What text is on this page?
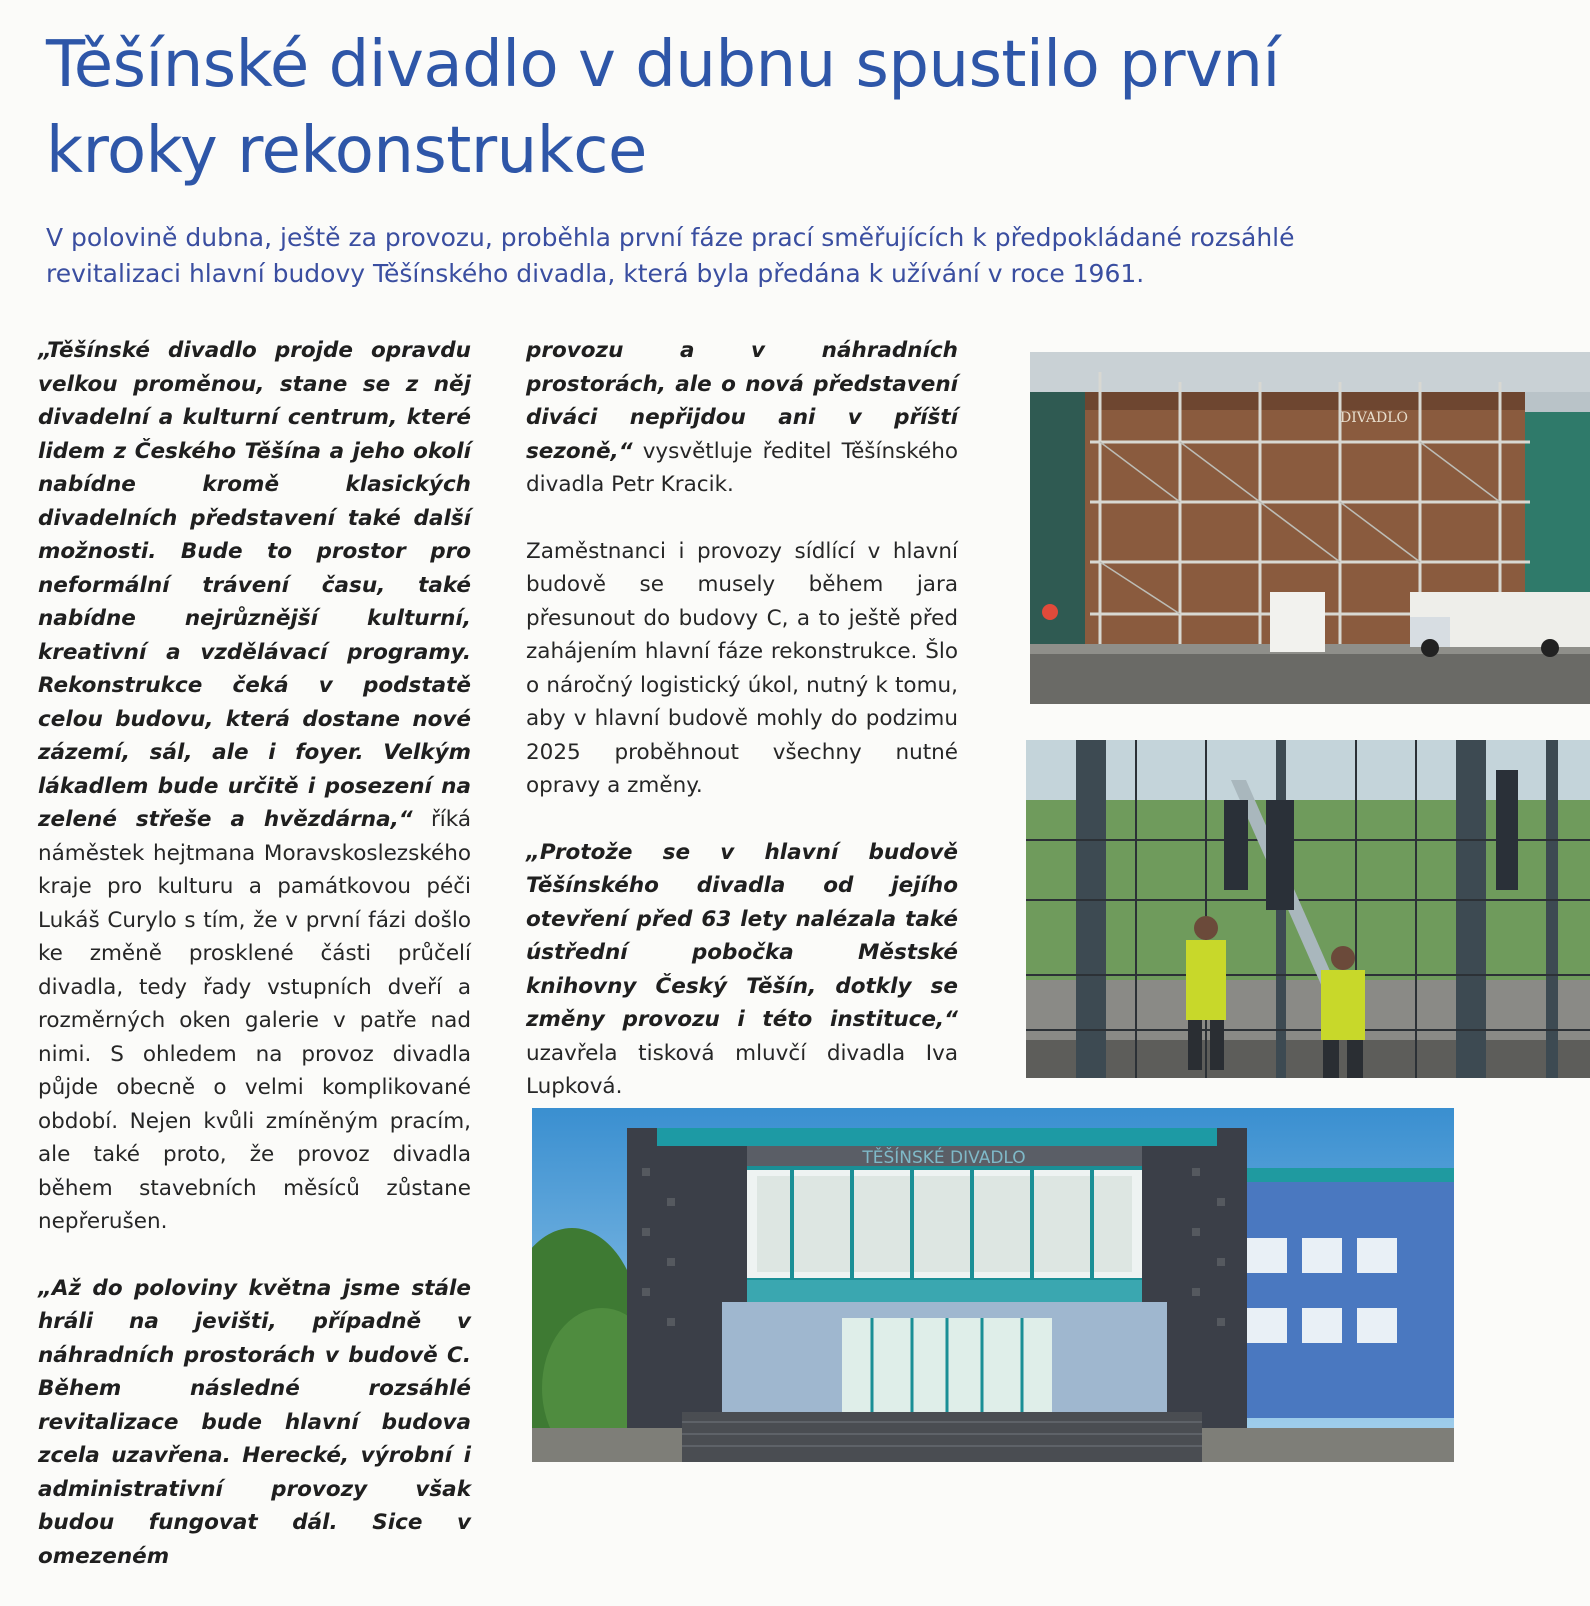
Těšínské divadlo v dubnu spustilo první kroky rekonstrukce

V polovině dubna, ještě za provozu, proběhla první fáze prací směřujících k předpokládané rozsáhlé revitalizaci hlavní budovy Těšínského divadla, která byla předána k užívání v roce 1961.

„Těšínské divadlo projde opravdu velkou proměnou, stane se z něj divadelní a kulturní centrum, které lidem z Českého Těšína a jeho okolí nabídne kromě klasických divadelních představení také další možnosti. Bude to prostor pro neformální trávení času, také nabídne nejrůznější kulturní, kreativní a vzdělávací programy. Rekonstrukce čeká v podstatě celou budovu, která dostane nové zázemí, sál, ale i foyer. Velkým lákadlem bude určitě i posezení na zelené střeše a hvězdárna,“ říká náměstek hejtmana Moravskoslezského kraje pro kulturu a památkovou péči Lukáš Curylo s tím, že v první fázi došlo ke změně prosklené části průčelí divadla, tedy řady vstupních dveří a rozměrných oken galerie v patře nad nimi. S ohledem na provoz divadla půjde obecně o velmi komplikované období. Nejen kvůli zmíněným pracím, ale také proto, že provoz divadla během stavebních měsíců zůstane nepřerušen.

„Až do poloviny května jsme stále hráli na jevišti, případně v náhradních prostorách v budově C. Během následné rozsáhlé revitalizace bude hlavní budova zcela uzavřena. Herecké, výrobní i administrativní provozy však budou fungovat dál. Sice v omezeném

provozu a v náhradních prostorách, ale o nová představení diváci nepřijdou ani v příští sezoně,“ vysvětluje ředitel Těšínského divadla Petr Kracik.

Zaměstnanci i provozy sídlící v hlavní budově se musely během jara přesunout do budovy C, a to ještě před zahájením hlavní fáze rekonstrukce. Šlo o náročný logistický úkol, nutný k tomu, aby v hlavní budově mohly do podzimu 2025 proběhnout všechny nutné opravy a změny.

„Protože se v hlavní budově Těšínského divadla od jejího otevření před 63 lety nalézala také ústřední pobočka Městské knihovny Český Těšín, dotkly se změny provozu i této instituce,“ uzavřela tisková mluvčí divadla Iva Lupková.

DIVADLO
TĚŠÍNSKÉ DIVADLO
